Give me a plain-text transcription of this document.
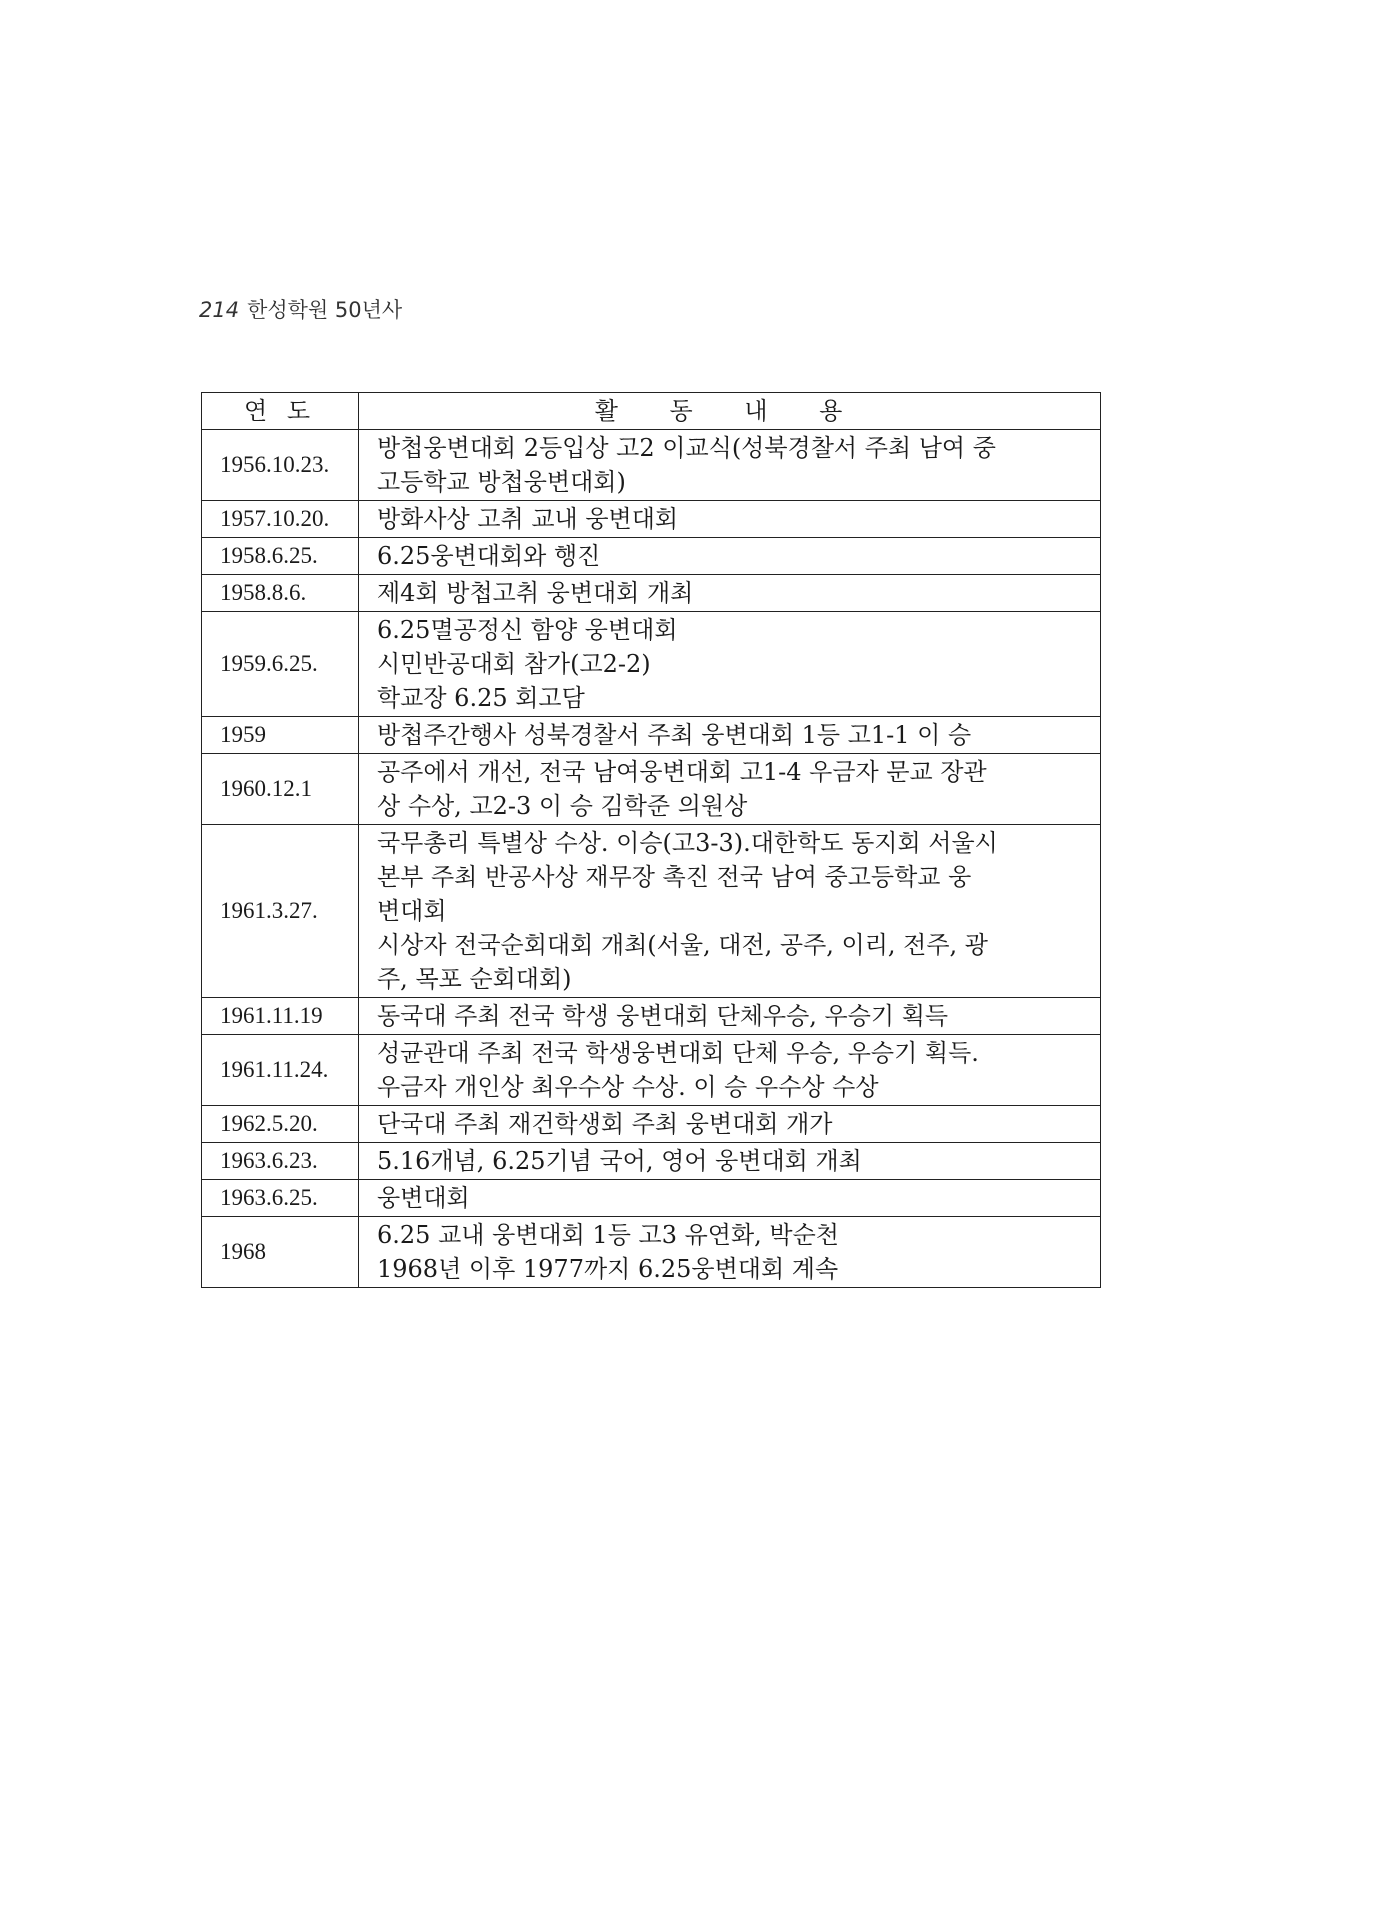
214 한성학원 50년사
연 도	활 동 내 용
1956.10.23.	방첩웅변대회 2등입상 고2 이교식(성북경찰서 주최 남여 중
고등학교 방첩웅변대회)

1957.10.20.	방화사상 고취 교내 웅변대회

1958.6.25.	6.25웅변대회와 행진

1958.8.6.	제4회 방첩고취 웅변대회 개최

1959.6.25.	6.25멸공정신 함양 웅변대회
시민반공대회 참가(고2-2)
학교장 6.25 회고담

1959	방첩주간행사 성북경찰서 주최 웅변대회 1등 고1-1 이 승

1960.12.1	공주에서 개선, 전국 남여웅변대회 고1-4 우금자 문교 장관
상 수상, 고2-3 이 승 김학준 의원상

1961.3.27.	국무총리 특별상 수상. 이승(고3-3).대한학도 동지회 서울시
본부 주최 반공사상 재무장 촉진 전국 남여 중고등학교 웅
변대회
시상자 전국순회대회 개최(서울, 대전, 공주, 이리, 전주, 광
주, 목포 순회대회)

1961.11.19	동국대 주최 전국 학생 웅변대회 단체우승, 우승기 획득

1961.11.24.	성균관대 주최 전국 학생웅변대회 단체 우승, 우승기 획득.
우금자 개인상 최우수상 수상. 이 승 우수상 수상

1962.5.20.	단국대 주최 재건학생회 주최 웅변대회 개가

1963.6.23.	5.16개념, 6.25기념 국어, 영어 웅변대회 개최

1963.6.25.	웅변대회

1968	6.25 교내 웅변대회 1등 고3 유연화, 박순천
1968년 이후 1977까지 6.25웅변대회 계속
